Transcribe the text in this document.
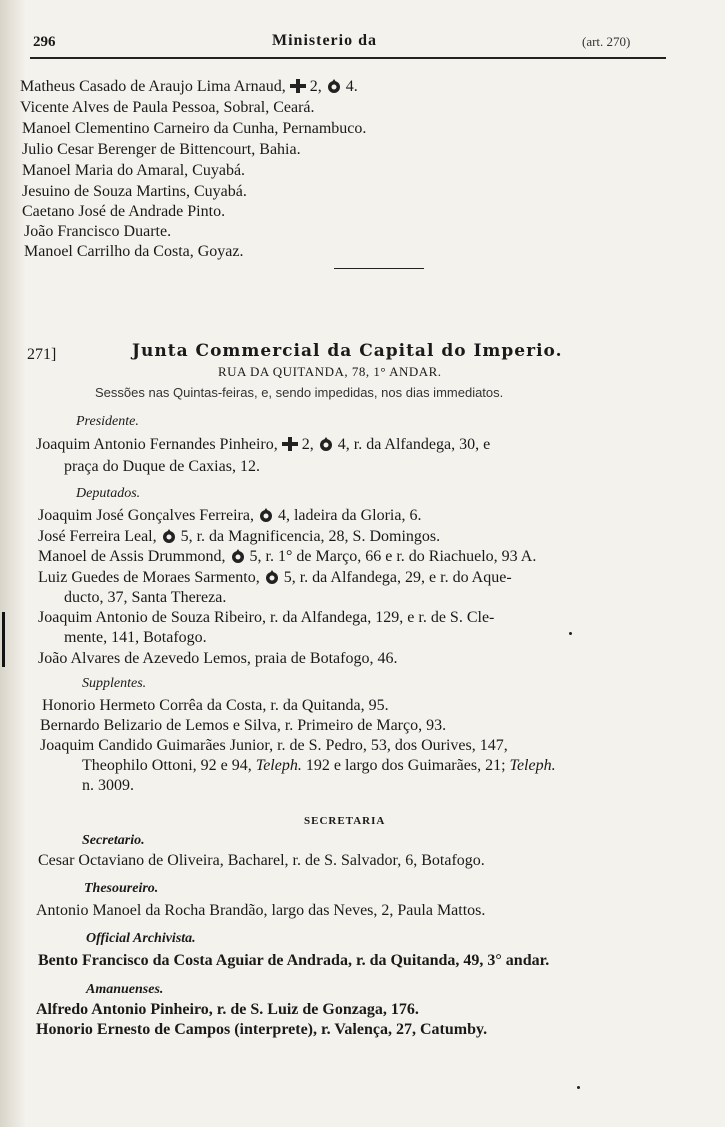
296	Ministerio da	(art. 270)
Matheus Casado de Araujo Lima Arnaud,  2,  4.
Vicente Alves de Paula Pessoa, Sobral, Ceará.
Manoel Clementino Carneiro da Cunha, Pernambuco.
Julio Cesar Berenger de Bittencourt, Bahia.
Manoel Maria do Amaral, Cuyabá.
Jesuino de Souza Martins, Cuyabá.
Caetano José de Andrade Pinto.
João Francisco Duarte.
Manoel Carrilho da Costa, Goyaz.
271]	Junta Commercial da Capital do Imperio.
RUA DA QUITANDA, 78, 1° ANDAR.
Sessões nas Quintas-feiras, e, sendo impedidas, nos dias immediatos.
Presidente.
Joaquim Antonio Fernandes Pinheiro,  2,  4, r. da Alfandega, 30, e
praça do Duque de Caxias, 12.
Deputados.
Joaquim José Gonçalves Ferreira,  4, ladeira da Gloria, 6.
José Ferreira Leal,  5, r. da Magnificencia, 28, S. Domingos.
Manoel de Assis Drummond,  5, r. 1° de Março, 66 e r. do Riachuelo, 93 A.
Luiz Guedes de Moraes Sarmento,  5, r. da Alfandega, 29, e r. do Aque-
ducto, 37, Santa Thereza.
Joaquim Antonio de Souza Ribeiro, r. da Alfandega, 129, e r. de S. Cle-
mente, 141, Botafogo.
João Alvares de Azevedo Lemos, praia de Botafogo, 46.
Supplentes.
Honorio Hermeto Corrêa da Costa, r. da Quitanda, 95.
Bernardo Belizario de Lemos e Silva, r. Primeiro de Março, 93.
Joaquim Candido Guimarães Junior, r. de S. Pedro, 53, dos Ourives, 147,
Theophilo Ottoni, 92 e 94, Teleph. 192 e largo dos Guimarães, 21; Teleph.
n. 3009.
SECRETARIA
Secretario.
Cesar Octaviano de Oliveira, Bacharel, r. de S. Salvador, 6, Botafogo.
Thesoureiro.
Antonio Manoel da Rocha Brandão, largo das Neves, 2, Paula Mattos.
Official Archivista.
Bento Francisco da Costa Aguiar de Andrada, r. da Quitanda, 49, 3° andar.
Amanuenses.
Alfredo Antonio Pinheiro, r. de S. Luiz de Gonzaga, 176.
Honorio Ernesto de Campos (interprete), r. Valença, 27, Catumby.
